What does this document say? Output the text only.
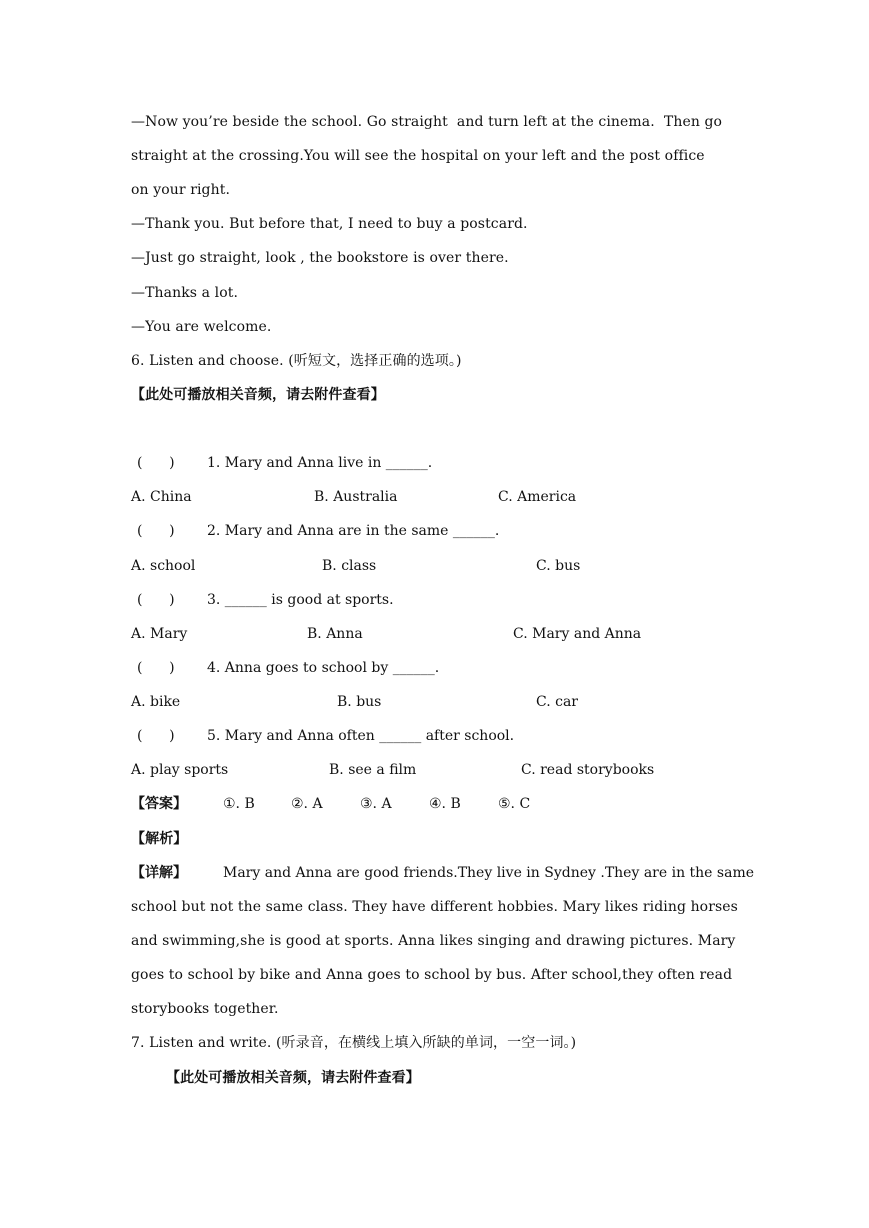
—Now you’re beside the school. Go straight  and turn left at the cinema.  Then go
straight at the crossing.You will see the hospital on your left and the post office
on your right.
—Thank you. But before that, I need to buy a postcard.
—Just go straight, look , the bookstore is over there.
—Thanks a lot.
—You are welcome.
6. Listen and choose. (听短文，选择正确的选项。)
【此处可播放相关音频，请去附件查看】

(      )

1. Mary and Anna live in ______.

A. China

	B. Australia

	C. America

(      )

2. Mary and Anna are in the same ______.

A. school

	B. class

	C. bus

(      )

3. ______ is good at sports.

A. Mary

	B. Anna

	C. Mary and Anna

(      )

4. Anna goes to school by ______.

A. bike

	B. bus

	C. car

(      )

5. Mary and Anna often ______ after school.

A. play sports

	B. see a film

	C. read storybooks

【答案】

	①. B

	②. A

	③. A

	④. B

	⑤. C

【解析】

【详解】

	Mary and Anna are good friends.They live in Sydney .They are in the same

school but not the same class. They have different hobbies. Mary likes riding horses
and swimming,she is good at sports. Anna likes singing and drawing pictures. Mary
goes to school by bike and Anna goes to school by bus. After school,they often read
storybooks together.
7. Listen and write. (听录音，在横线上填入所缺的单词，一空一词。)
【此处可播放相关音频，请去附件查看】
